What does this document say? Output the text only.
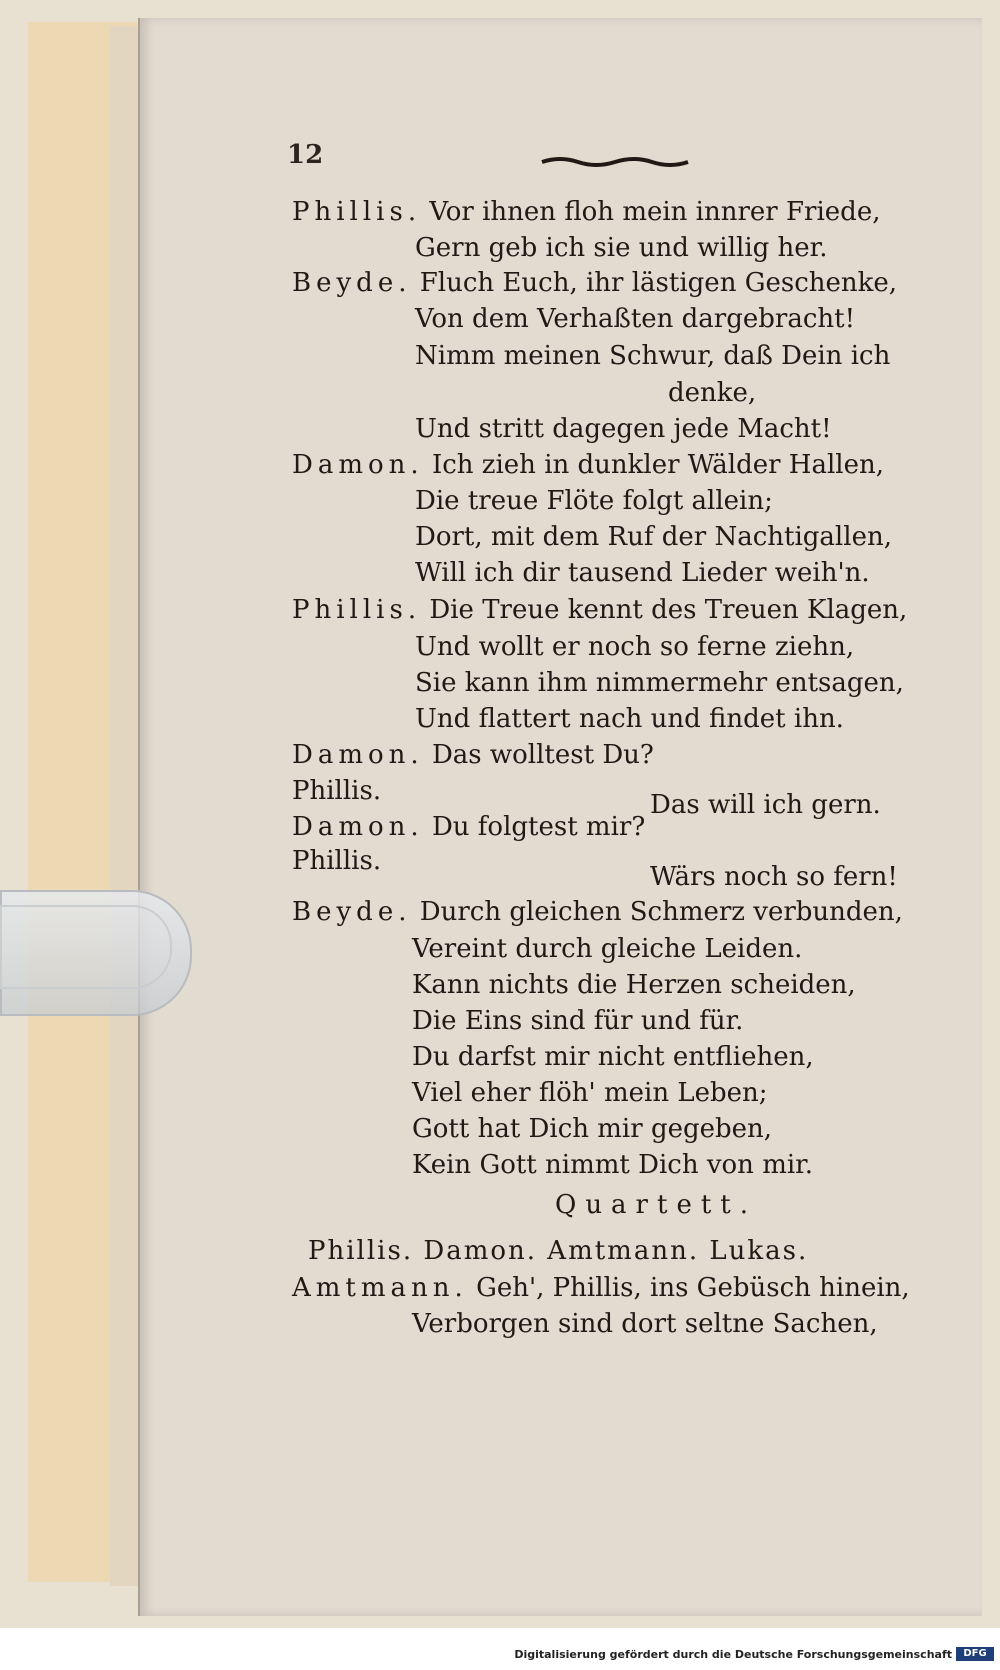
12
Phillis. Vor ihnen floh mein innrer Friede,
Gern geb ich sie und willig her.
Beyde. Fluch Euch, ihr lästigen Geschenke,
Von dem Verhaßten dargebracht!
Nimm meinen Schwur, daß Dein ich
denke,
Und stritt dagegen jede Macht!
Damon. Ich zieh in dunkler Wälder Hallen,
Die treue Flöte folgt allein;
Dort, mit dem Ruf der Nachtigallen,
Will ich dir tausend Lieder weih'n.
Phillis. Die Treue kennt des Treuen Klagen,
Und wollt er noch so ferne ziehn,
Sie kann ihm nimmermehr entsagen,
Und flattert nach und findet ihn.
Damon. Das wolltest Du?
Phillis.	Das will ich gern.
Damon. Du folgtest mir?
Phillis.
Wärs noch so fern!
Beyde. Durch gleichen Schmerz verbunden,
Vereint durch gleiche Leiden.
Kann nichts die Herzen scheiden,
Die Eins sind für und für.
Du darfst mir nicht entfliehen,
Viel eher flöh' mein Leben;
Gott hat Dich mir gegeben,
Kein Gott nimmt Dich von mir.
Quartett.
Phillis. Damon. Amtmann. Lukas.
Amtmann. Geh', Phillis, ins Gebüsch hinein,
Verborgen sind dort seltne Sachen,
Digitalisierung gefördert durch die Deutsche Forschungsgemeinschaft	DFG
